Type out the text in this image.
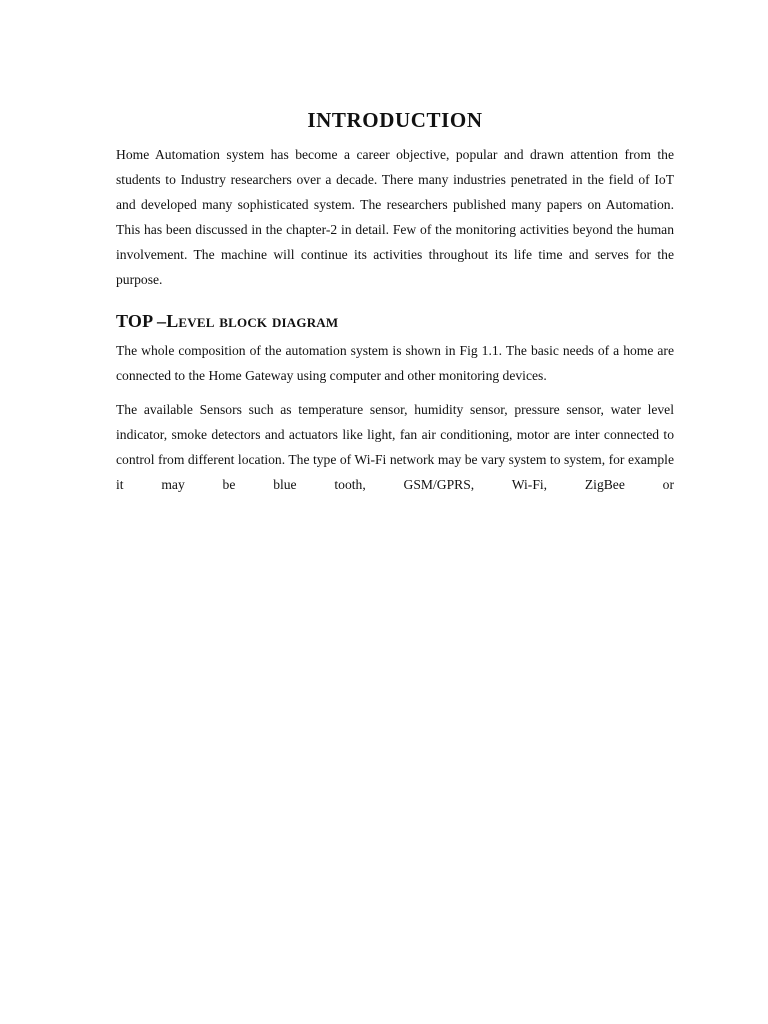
INTRODUCTION

Home Automation system has become a career objective, popular and drawn attention from the students to Industry researchers over a decade. There many industries penetrated in the field of IoT and developed many sophisticated system. The researchers published many papers on Automation. This has been discussed in the chapter-2 in detail. Few of the monitoring activities beyond the human involvement. The machine will continue its activities throughout its life time and serves for the purpose.

TOP –Level block diagram

The whole composition of the automation system is shown in Fig 1.1. The basic needs of a home are connected to the Home Gateway using computer and other monitoring devices.

The available Sensors such as temperature sensor, humidity sensor, pressure sensor, water level indicator, smoke detectors and actuators like light, fan air conditioning, motor are inter connected to control from different location. The type of Wi-Fi network may be vary system to system, for example it may be blue tooth, GSM/GPRS, Wi-Fi, ZigBee or
